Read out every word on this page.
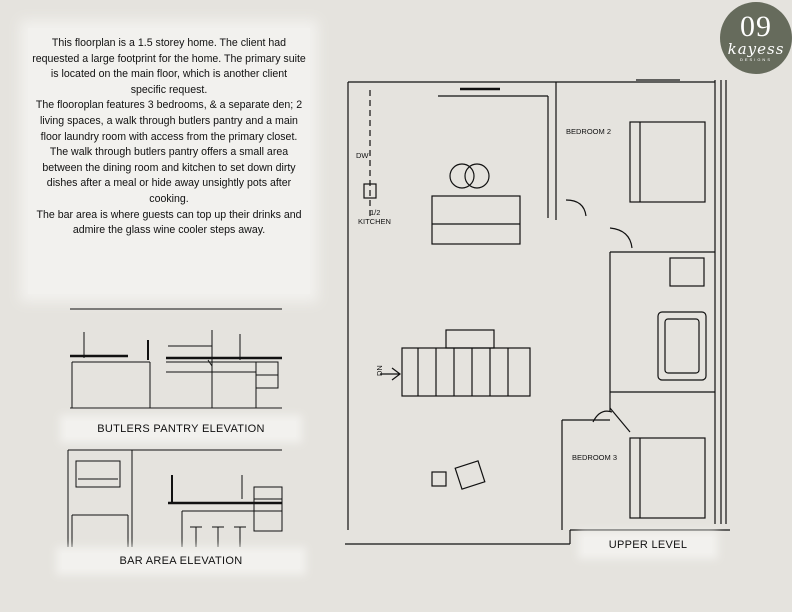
This floorplan is a 1.5 storey home. The client had requested a large footprint for the home. The primary suite is located on the main floor, which is another client specific request.

The flooroplan features 3 bedrooms, & a separate den; 2 living spaces, a walk through butlers pantry and a main floor laundry room with access from the primary closet.

The walk through butlers pantry offers a small area between the dining room and kitchen to set down dirty dishes after a meal or hide away unsightly pots after cooking.

The bar area is where guests can top up their drinks and admire the glass wine cooler steps away.

09
kayess
DESIGNS
BUTLERS PANTRY ELEVATION
BAR AREA ELEVATION
BEDROOM 2
BEDROOM 3
1/2
KITCHEN
DW
DN
UPPER LEVEL
